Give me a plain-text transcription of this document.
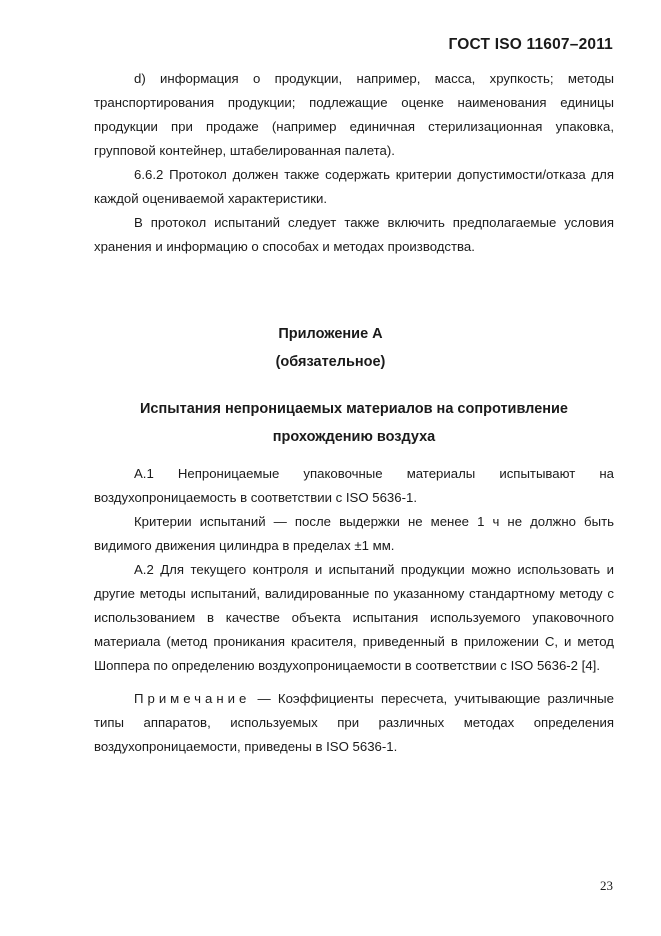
ГОСТ ISO 11607–2011

d) информация о продукции, например, масса, хрупкость; методы транспортирования продукции; подлежащие оценке наименования единицы продукции при продаже (например единичная стерилизационная упаковка, групповой контейнер, штабелированная палета).

6.6.2 Протокол должен также содержать критерии допустимости/отказа для каждой оцениваемой характеристики.

В протокол испытаний следует также включить предполагаемые условия хранения и информацию о способах и методах производства.

Приложение А
(обязательное)
Испытания непроницаемых материалов на сопротивление прохождению воздуха

А.1 Непроницаемые упаковочные материалы испытывают на воздухопроницаемость в соответствии с ISO 5636-1.

Критерии испытаний — после выдержки не менее 1 ч не должно быть видимого движения цилиндра в пределах ±1 мм.

А.2 Для текущего контроля и испытаний продукции можно использовать и другие методы испытаний, валидированные по указанному стандартному методу с использованием в качестве объекта испытания используемого упаковочного материала (метод проникания красителя, приведенный в приложении С, и метод Шоппера по определению воздухопроницаемости в соответствии с ISO 5636-2 [4].

Примечание — Коэффициенты пересчета, учитывающие различные типы аппаратов, используемых при различных методах определения воздухопроницаемости, приведены в ISO 5636-1.

23
